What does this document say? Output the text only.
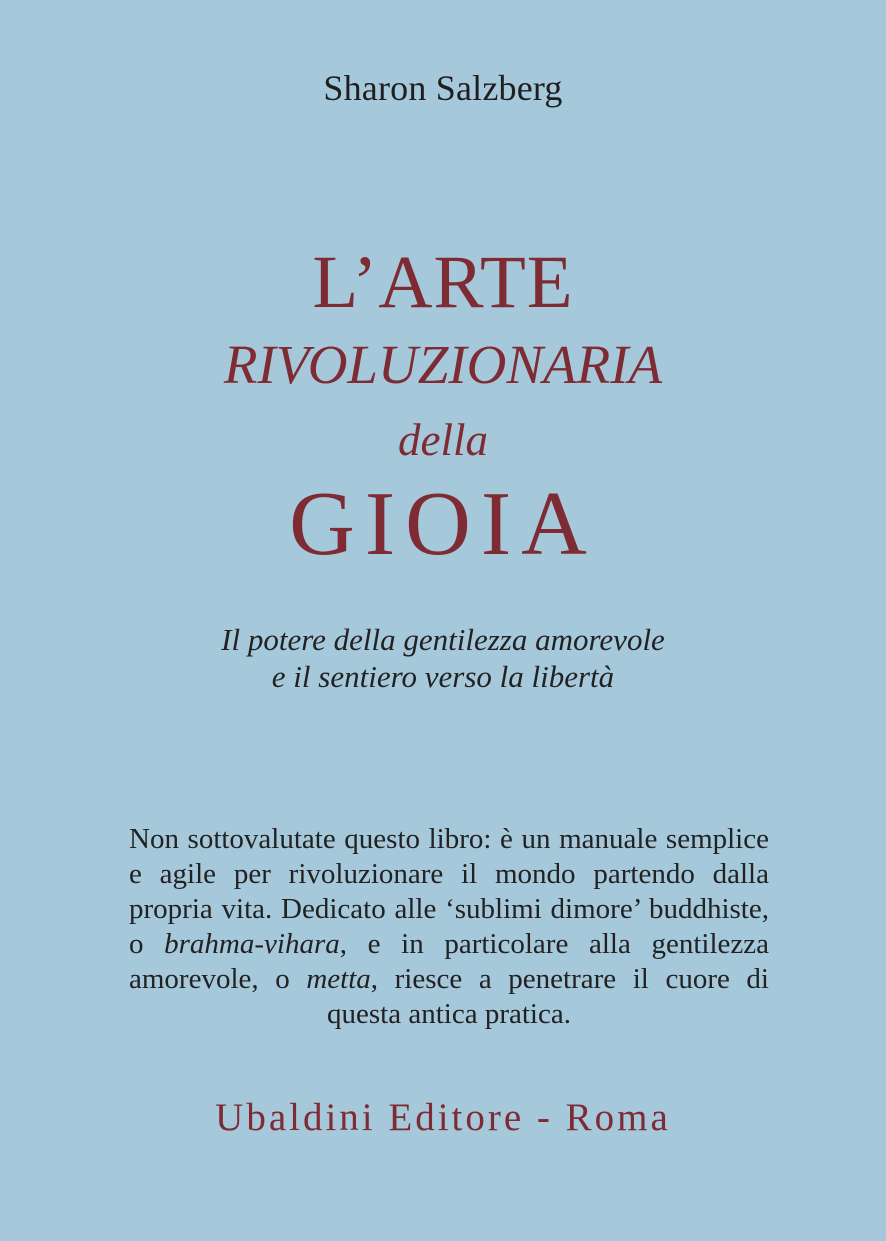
Sharon Salzberg
L’ARTE
RIVOLUZIONARIA
della
GIOIA
Il potere della gentilezza amorevole
e il sentiero verso la libertà
Non sottovalutate questo libro: è un manuale semplice e agile per rivoluzionare il mondo partendo dalla propria vita. Dedicato alle ‘sublimi dimore’ buddhiste, o brahma-vihara, e in particolare alla gentilezza amorevole, o metta, riesce a penetrare il cuore di questa antica pratica.
Ubaldini Editore - Roma
